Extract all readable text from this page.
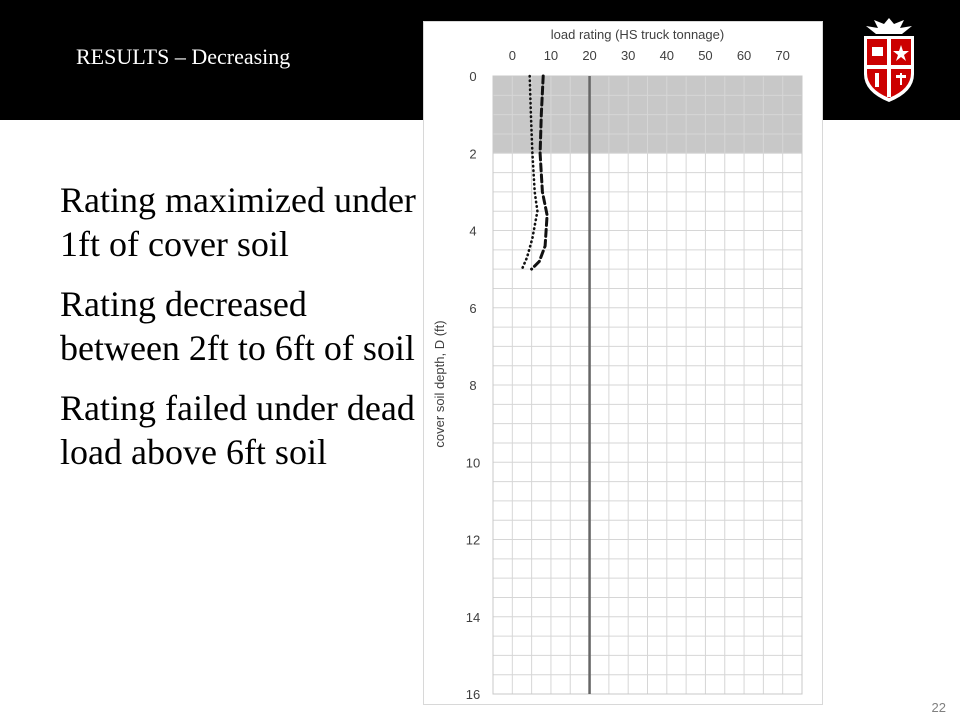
RESULTS – Decreasing
Rating maximized under 1ft of cover soil
Rating decreased between 2ft to 6ft of soil
Rating failed under dead load above 6ft soil
0 10 20 30 40 50 60 70
0
2
4
6
8
10
12
14
16
load rating (HS truck tonnage)
cover soil depth, D (ft)
22
